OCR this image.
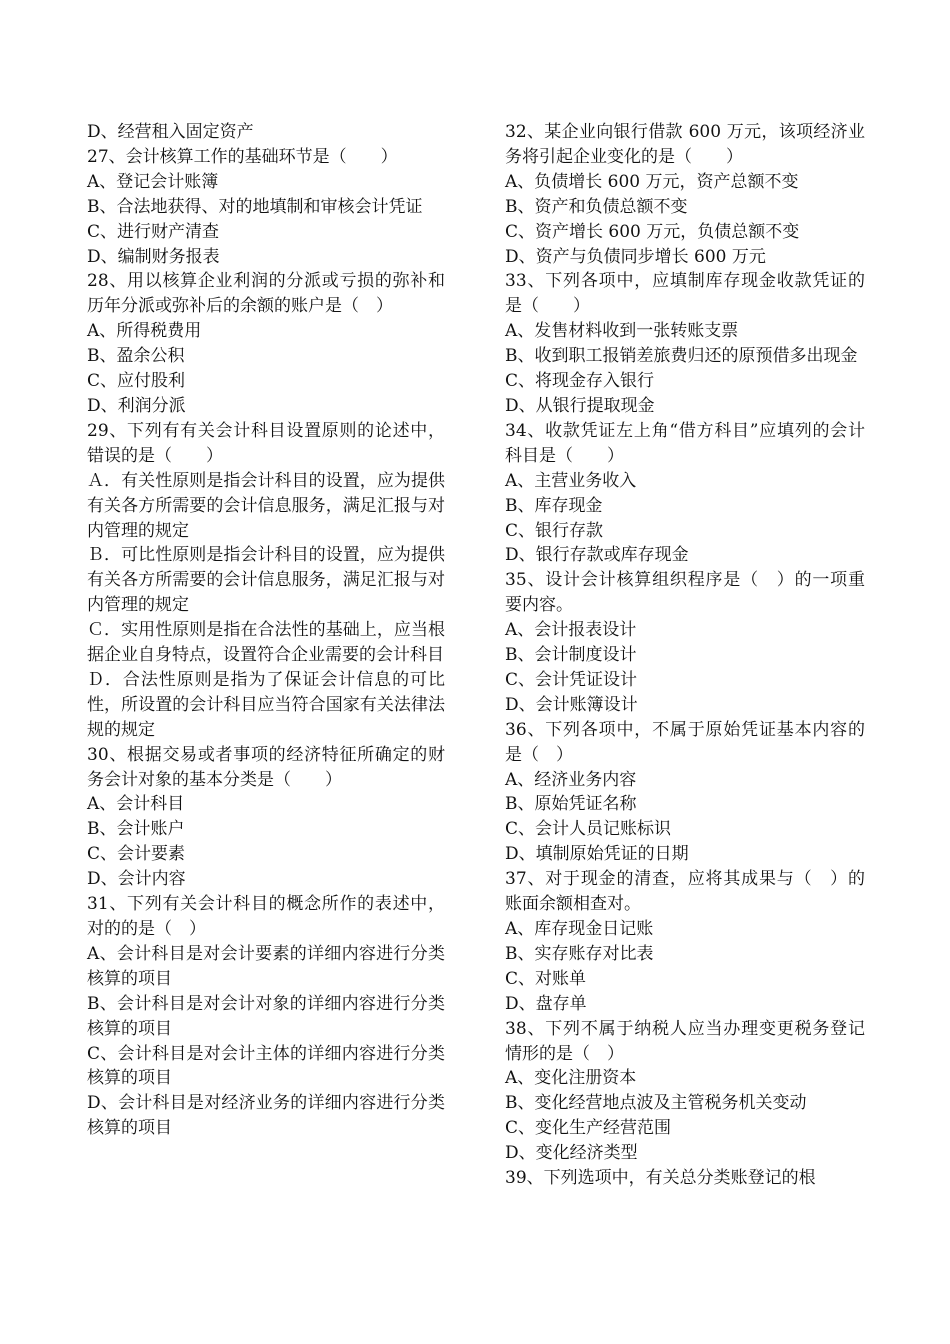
D、经营租入固定资产

27、会计核算工作的基础环节是（　　）

A、登记会计账簿

B、合法地获得、对的地填制和审核会计凭证

C、进行财产清查

D、编制财务报表

28、用以核算企业利润的分派或亏损的弥补和历年分派或弥补后的余额的账户是（　）

A、所得税费用

B、盈余公积

C、应付股利

D、利润分派

29、下列有有关会计科目设置原则的论述中，错误的是（　　）

Ａ．有关性原则是指会计科目的设置，应为提供有关各方所需要的会计信息服务，满足汇报与对内管理的规定

Ｂ．可比性原则是指会计科目的设置，应为提供有关各方所需要的会计信息服务，满足汇报与对内管理的规定

Ｃ．实用性原则是指在合法性的基础上，应当根据企业自身特点，设置符合企业需要的会计科目

Ｄ．合法性原则是指为了保证会计信息的可比性，所设置的会计科目应当符合国家有关法律法规的规定

30、根据交易或者事项的经济特征所确定的财务会计对象的基本分类是（　　）

A、会计科目

B、会计账户

C、会计要素

D、会计内容

31、下列有关会计科目的概念所作的表述中，对的的是（　）

A、会计科目是对会计要素的详细内容进行分类核算的项目

B、会计科目是对会计对象的详细内容进行分类核算的项目

C、会计科目是对会计主体的详细内容进行分类核算的项目

D、会计科目是对经济业务的详细内容进行分类核算的项目

32、某企业向银行借款 600 万元，该项经济业务将引起企业变化的是（　　）

A、负债增长 600 万元，资产总额不变

B、资产和负债总额不变

C、资产增长 600 万元，负债总额不变

D、资产与负债同步增长 600 万元

33、下列各项中，应填制库存现金收款凭证的是（　　）

A、发售材料收到一张转账支票

B、收到职工报销差旅费归还的原预借多出现金

C、将现金存入银行

D、从银行提取现金

34、收款凭证左上角“借方科目”应填列的会计科目是（　　）

A、主营业务收入

B、库存现金

C、银行存款

D、银行存款或库存现金

35、设计会计核算组织程序是（　）的一项重要内容。

A、会计报表设计

B、会计制度设计

C、会计凭证设计

D、会计账簿设计

36、下列各项中，不属于原始凭证基本内容的是（　）

A、经济业务内容

B、原始凭证名称

C、会计人员记账标识

D、填制原始凭证的日期

37、对于现金的清查，应将其成果与（　）的账面余额相查对。

A、库存现金日记账

B、实存账存对比表

C、对账单

D、盘存单

38、下列不属于纳税人应当办理变更税务登记情形的是（　）

A、变化注册资本

B、变化经营地点波及主管税务机关变动

C、变化生产经营范围

D、变化经济类型

39、下列选项中，有关总分类账登记的根
